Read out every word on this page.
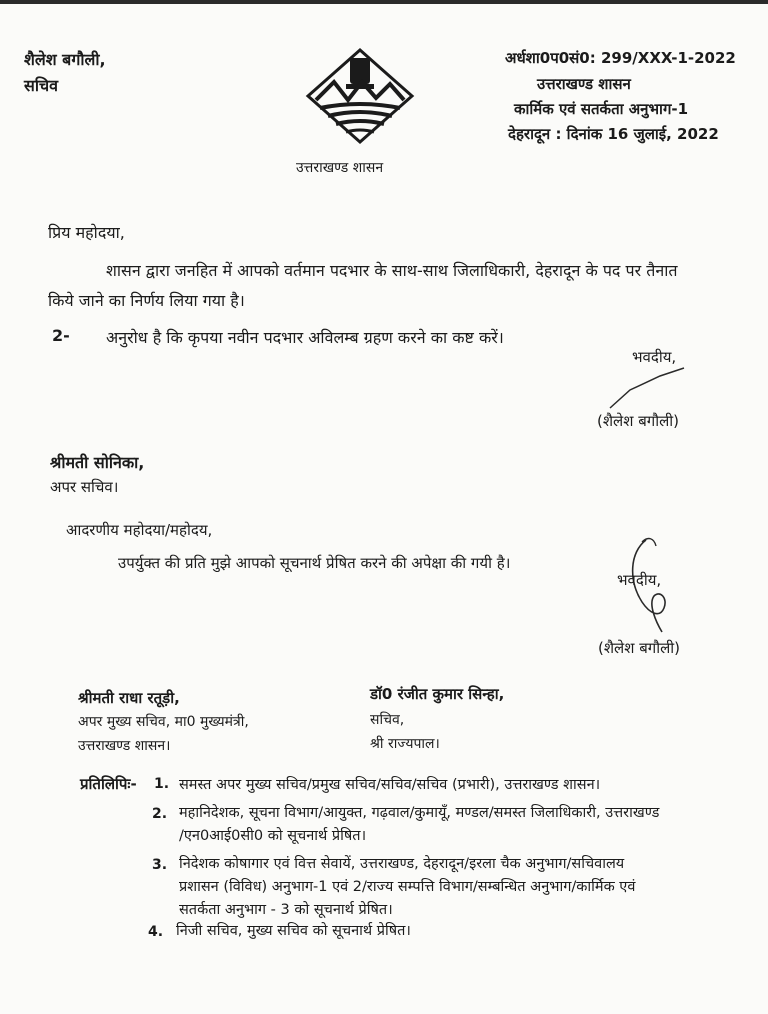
शैलेश बगौली,
सचिव
उत्तराखण्ड शासन
अर्धशा0प0सं0: 299/XXX-1-2022
उत्तराखण्ड शासन
कार्मिक एवं सतर्कता अनुभाग-1
देहरादून : दिनांक 16 जुलाई, 2022
प्रिय महोदया,
शासन द्वारा जनहित में आपको वर्तमान पदभार के साथ-साथ जिलाधिकारी, देहरादून के पद पर तैनात
किये जाने का निर्णय लिया गया है।
2- अनुरोध है कि कृपया नवीन पदभार अविलम्ब ग्रहण करने का कष्ट करें।
भवदीय,
(शैलेश बगौली)
श्रीमती सोनिका,
अपर सचिव।
आदरणीय महोदया/महोदय,
उपर्युक्त की प्रति मुझे आपको सूचनार्थ प्रेषित करने की अपेक्षा की गयी है।
भवदीय,
(शैलेश बगौली)
श्रीमती राधा रतूड़ी,
अपर मुख्य सचिव, मा0 मुख्यमंत्री,
उत्तराखण्ड शासन।
डॉ0 रंजीत कुमार सिन्हा,
सचिव,
श्री राज्यपाल।
प्रतिलिपिः- 1. समस्त अपर मुख्य सचिव/प्रमुख सचिव/सचिव/सचिव (प्रभारी), उत्तराखण्ड शासन।
2. महानिदेशक, सूचना विभाग/आयुक्त, गढ़वाल/कुमायूँ, मण्डल/समस्त जिलाधिकारी, उत्तराखण्ड
/एन0आई0सी0 को सूचनार्थ प्रेषित।
3. निदेशक कोषागार एवं वित्त सेवायें, उत्तराखण्ड, देहरादून/इरला चैक अनुभाग/सचिवालय
प्रशासन (विविध) अनुभाग-1 एवं 2/राज्य सम्पत्ति विभाग/सम्बन्धित अनुभाग/कार्मिक एवं
सतर्कता अनुभाग - 3 को सूचनार्थ प्रेषित।
4. निजी सचिव, मुख्य सचिव को सूचनार्थ प्रेषित।
